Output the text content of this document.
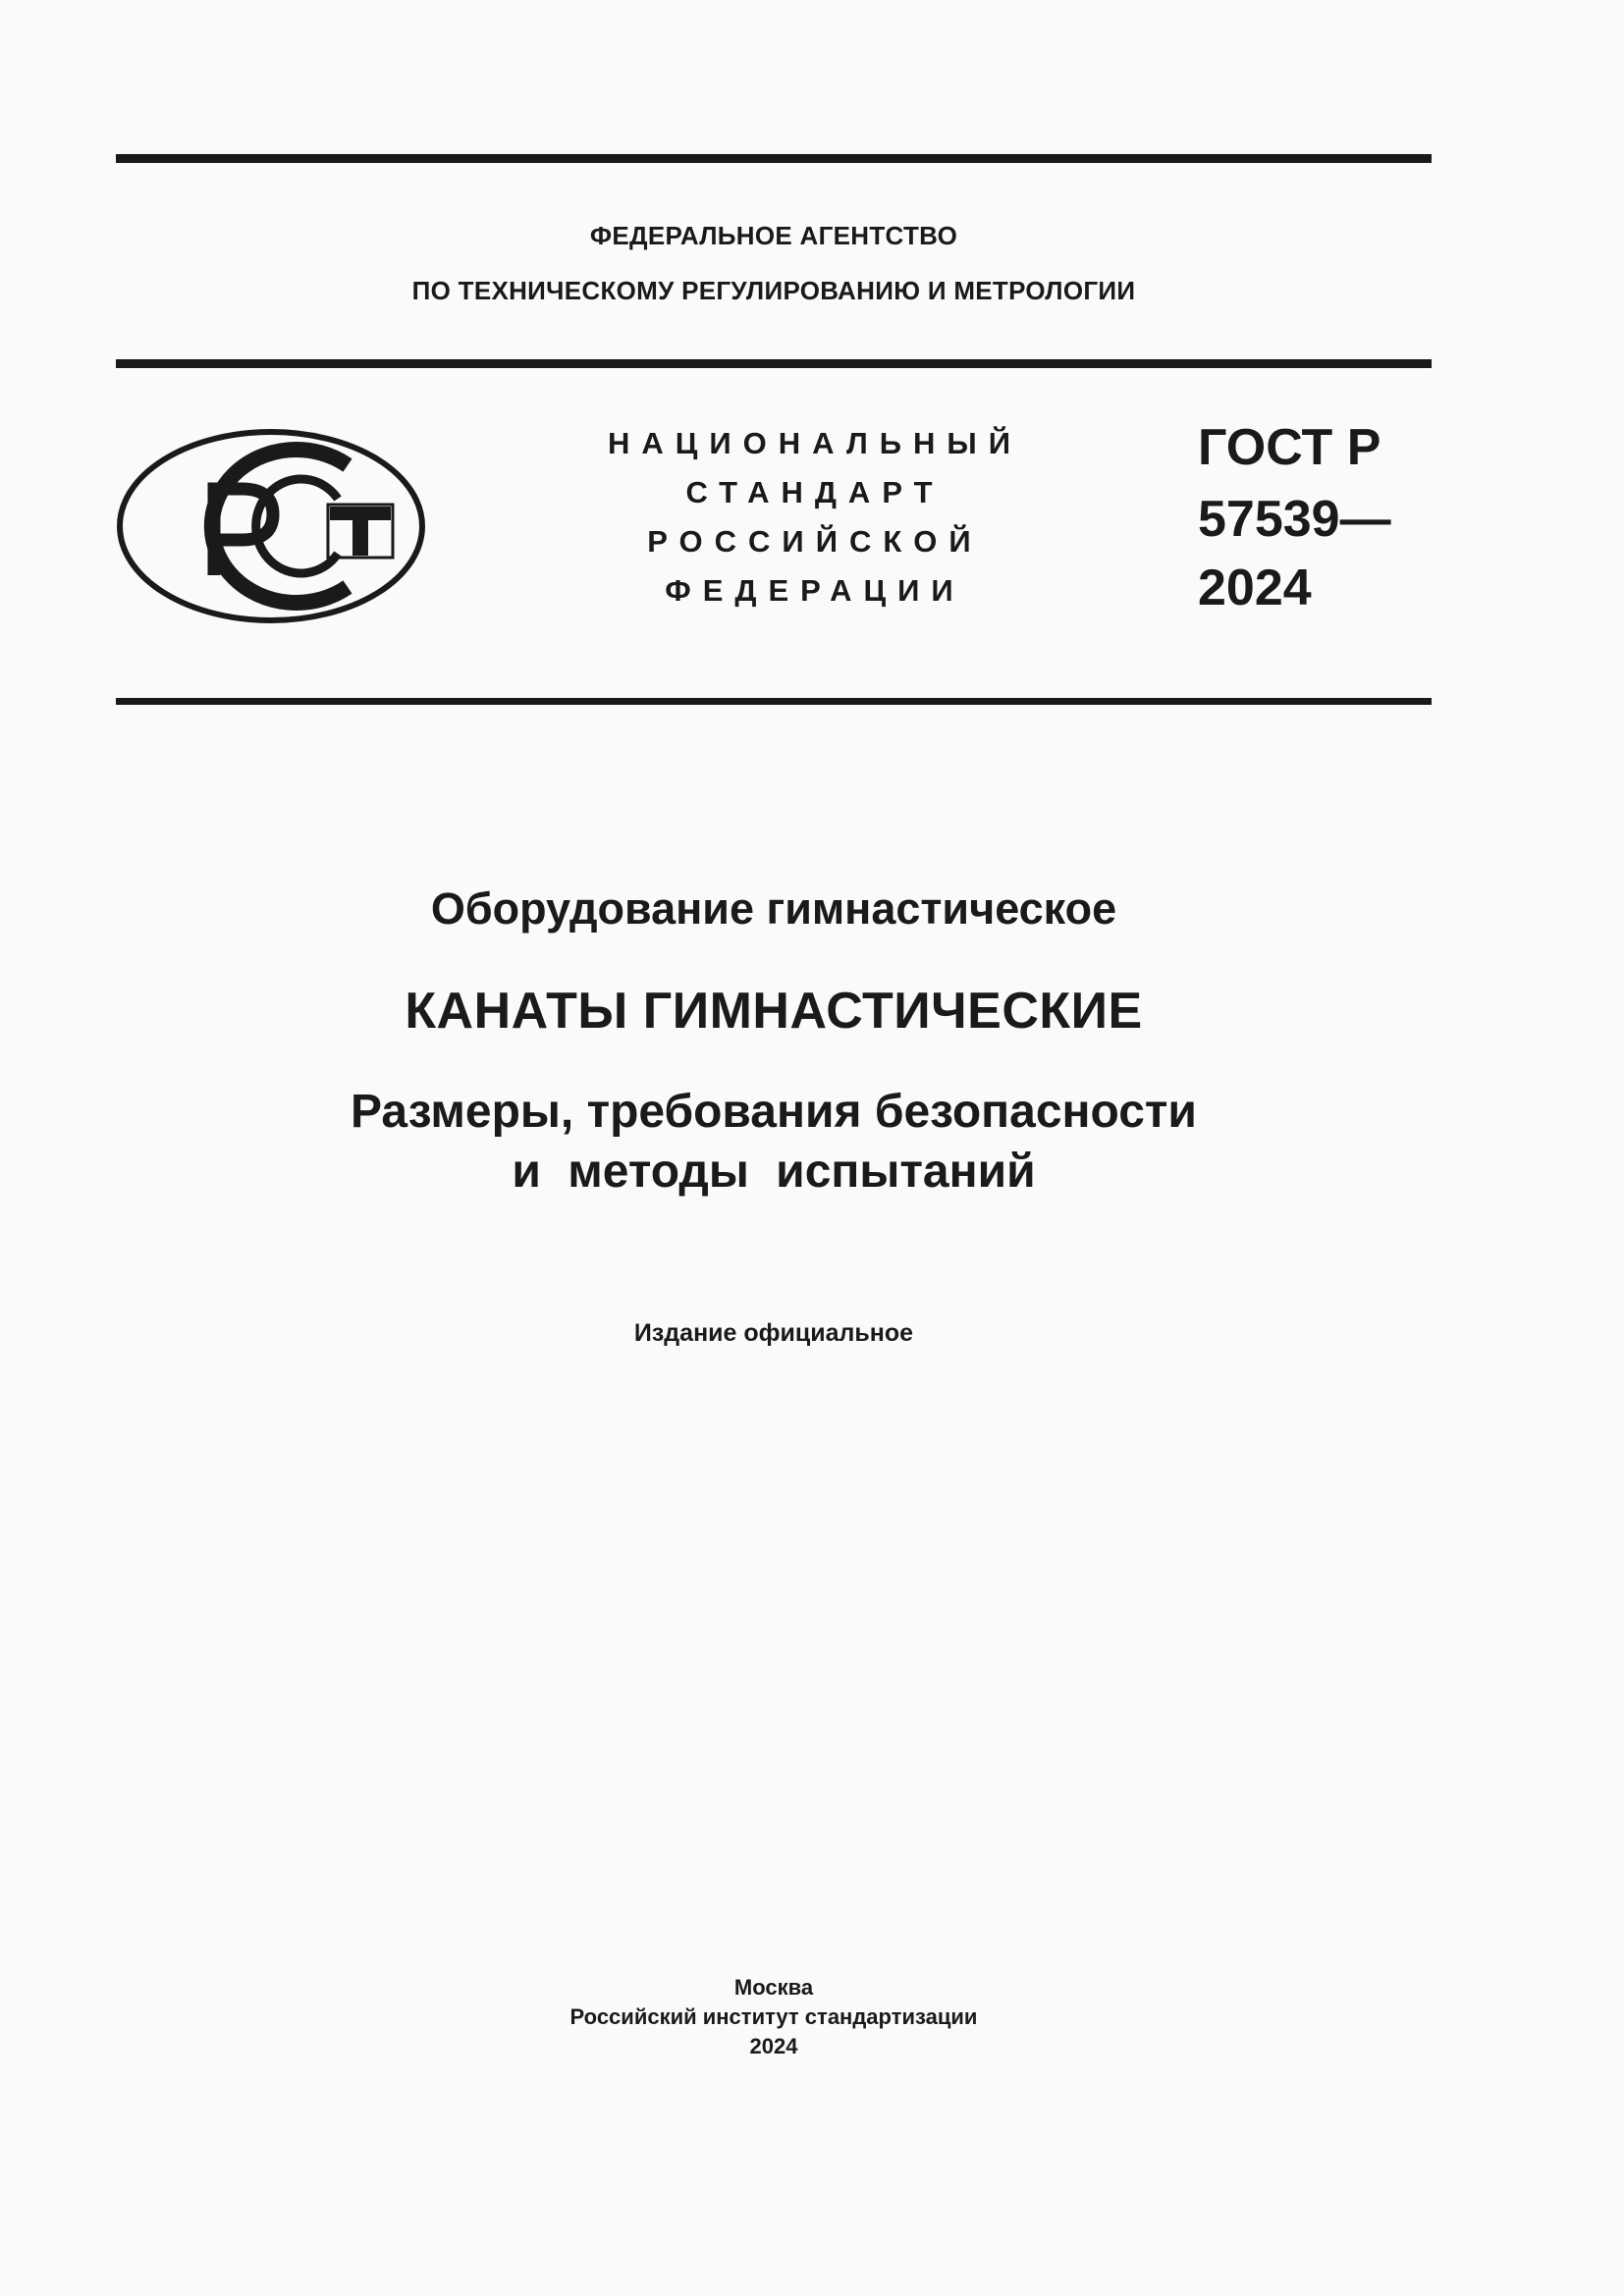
ФЕДЕРАЛЬНОЕ АГЕНТСТВО
ПО ТЕХНИЧЕСКОМУ РЕГУЛИРОВАНИЮ И МЕТРОЛОГИИ
НАЦИОНАЛЬНЫЙ
СТАНДАРТ
РОССИЙСКОЙ
ФЕДЕРАЦИИ
ГОСТ Р
57539—
2024
Оборудование гимнастическое
КАНАТЫ ГИМНАСТИЧЕСКИЕ
Размеры, требования безопасности
и методы испытаний
Издание официальное
Москва
Российский институт стандартизации
2024
